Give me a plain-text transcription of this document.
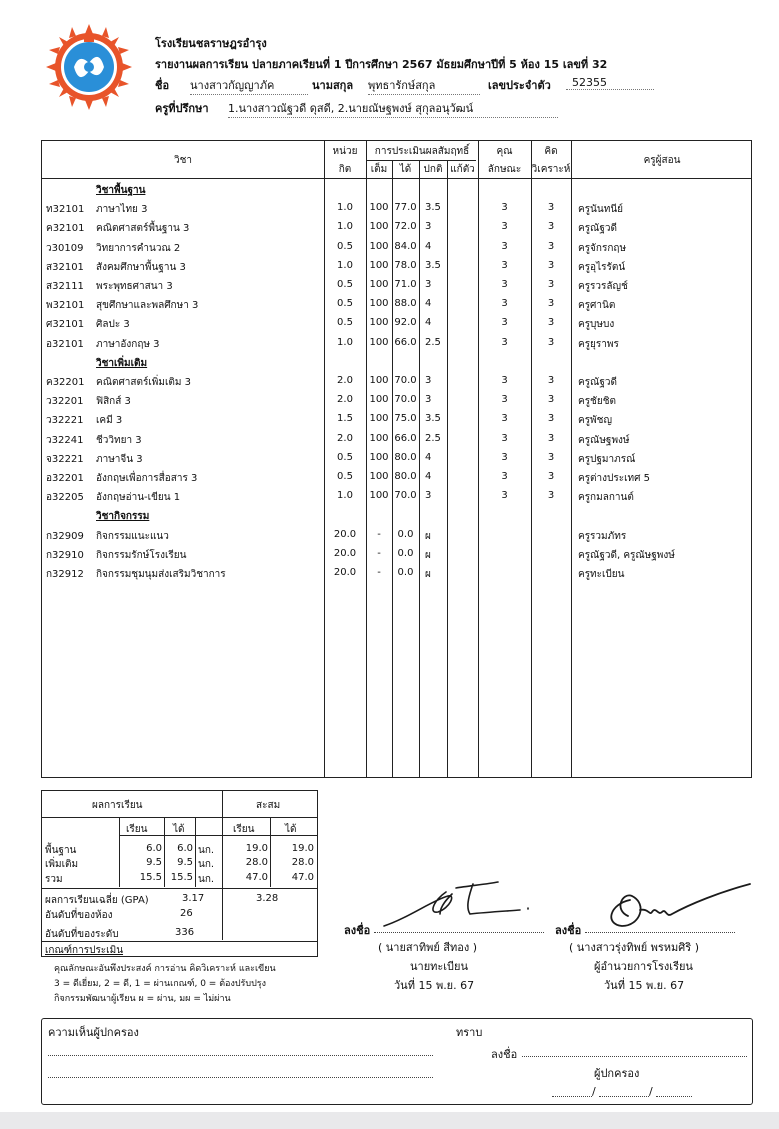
โรงเรียนชลราษฎรอำรุง
รายงานผลการเรียน ปลายภาคเรียนที่ 1 ปีการศึกษา 2567 มัธยมศึกษาปีที่ 5 ห้อง 15 เลขที่ 32
ชื่อ นางสาวกัญญาภัค	นามสกุล พุทธารักษ์สกุล	เลขประจำตัว	52355
ครูที่ปรึกษา 1.นางสาวณัฐวดี ดุสดี, 2.นายณัษฐพงษ์ สุกุลอนุวัฒน์
วิชา
หน่วย
กิต
การประเมินผลสัมฤทธิ์
เต็ม	ได้	ปกติ แก้ตัว
คุณ
ลักษณะ
คิด
วิเคราะห์
ครูผู้สอน
วิชาพื้นฐาน
ท32101 ภาษาไทย 3	1.0	100 77.0 3.5	3	3	ครูนันทนีย์
ค32101 คณิตศาสตร์พื้นฐาน 3	1.0	100 72.0 3	3	3	ครูณัฐวดี
ว30109 วิทยาการคำนวณ 2	0.5	100 84.0 4	3	3	ครูจักรกฤษ
ส32101 สังคมศึกษาพื้นฐาน 3	1.0	100 78.0 3.5	3	3	ครูอุไรรัตน์
ส32111 พระพุทธศาสนา 3	0.5	100 71.0 3	3	3	ครูรวรลัญช์
พ32101 สุขศึกษาและพลศึกษา 3	0.5	100 88.0 4	3	3	ครูศานิต
ศ32101 ศิลปะ 3	0.5	100 92.0 4	3	3	ครูบุษบง
อ32101 ภาษาอังกฤษ 3	1.0	100 66.0 2.5	3	3	ครูยุราพร
วิชาเพิ่มเติม
ค32201 คณิตศาสตร์เพิ่มเติม 3	2.0	100 70.0 3	3	3	ครูณัฐวดี
ว32201 ฟิสิกส์ 3	2.0	100 70.0 3	3	3	ครูชัยชิต
ว32221 เคมี 3	1.5	100 75.0 3.5	3	3	ครูพัชญ
ว32241 ชีววิทยา 3	2.0	100 66.0 2.5	3	3	ครูณัษฐพงษ์
จ32221 ภาษาจีน 3	0.5	100 80.0 4	3	3	ครูปฐมาภรณ์
อ32201 อังกฤษเพื่อการสื่อสาร 3	0.5	100 80.0 4	3	3	ครูต่างประเทศ 5
อ32205 อังกฤษอ่าน-เขียน 1	1.0	100 70.0 3	3	3	ครูกมลกานต์
วิชากิจกรรม
ก32909 กิจกรรมแนะแนว	20.0	-	0.0	ผ	ครูรวมภัทร
ก32910 กิจกรรมรักษ์โรงเรียน	20.0	-	0.0	ผ	ครูณัฐวดี, ครูณัษฐพงษ์
ก32912 กิจกรรมชุมนุมส่งเสริมวิชาการ	20.0	-	0.0	ผ	ครูทะเบียน
ผลการเรียน	สะสม
เรียน	ได้	เรียน	ได้
ผลการเรียนเฉลี่ย (GPA)	3.17	3.28
อันดับที่ของห้อง	26
อันดับที่ของระดับ	336
เกณฑ์การประเมิน
พื้นฐาน	6.0	6.0 นก.	19.0	19.0
เพิ่มเติม	9.5	9.5 นก.	28.0	28.0
รวม	15.5 15.5 นก.	47.0	47.0
คุณลักษณะอันพึงประสงค์ การอ่าน คิดวิเคราะห์ และเขียน
3 = ดีเยี่ยม, 2 = ดี, 1 = ผ่านเกณฑ์, 0 = ต้องปรับปรุง
กิจกรรมพัฒนาผู้เรียน ผ = ผ่าน, มผ = ไม่ผ่าน
ลงชื่อ
( นายสาทิพย์ สีทอง )
นายทะเบียน
วันที่ 15 พ.ย. 67
ลงชื่อ
( นางสาวรุ่งทิพย์ พรหมศิริ )
ผู้อำนวยการโรงเรียน
วันที่ 15 พ.ย. 67
ความเห็นผู้ปกครอง	ทราบ
ลงชื่อ
ผู้ปกครอง
/	/
